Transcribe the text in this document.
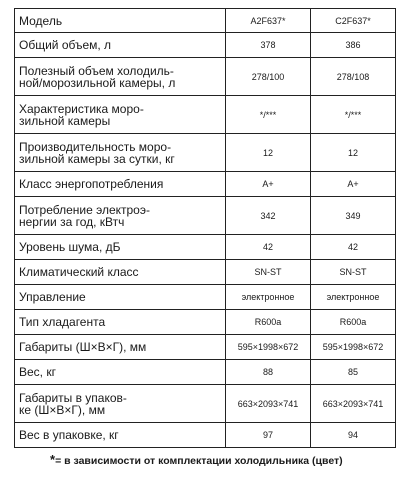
Модель	A2F637*	C2F637*
Общий объем, л	378	386
Полезный объем холодиль-
ной/морозильной камеры, л	278/100	278/108
Характеристика моро-
зильной камеры	*/***	*/***
Производительность моро-
зильной камеры за сутки, кг	12	12
Класс энергопотребления	A+	A+
Потребление электроэ-
нергии за год, кВтч	342	349
Уровень шума, дБ	42	42
Климатический класс	SN-ST	SN-ST
Управление	электронное	электронное
Тип хладагента	R600a	R600a
Габариты (Ш×В×Г), мм	595×1998×672	595×1998×672
Вес, кг	88	85
Габариты в упаков-
ке (Ш×В×Г), мм	663×2093×741	663×2093×741
Вес в упаковке, кг	97	94
*= в зависимости от комплектации холодильника (цвет)
